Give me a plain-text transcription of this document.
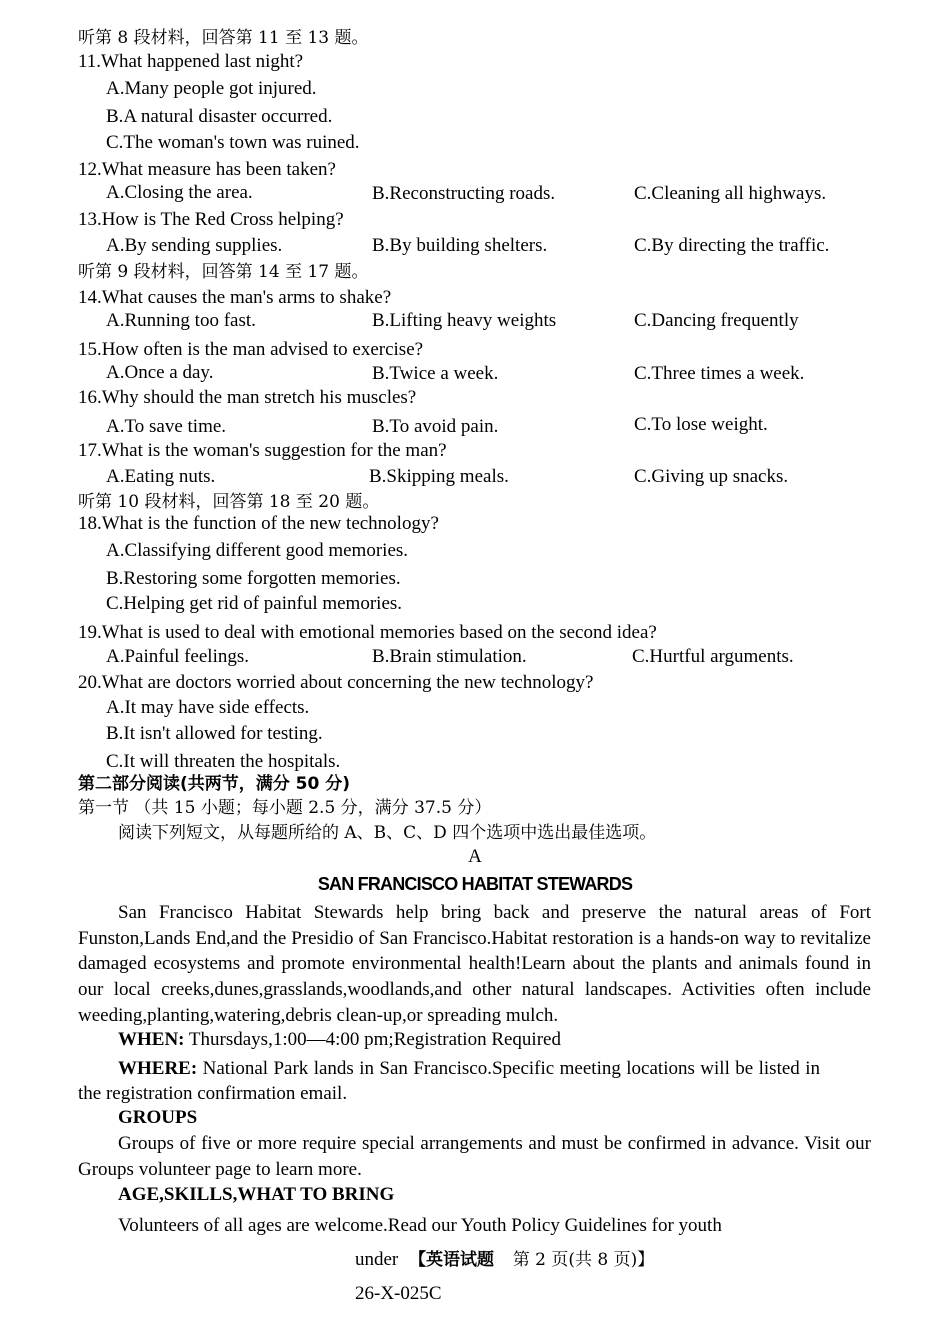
听第 8 段材料，回答第 11 至 13 题。
11.What happened last night?
A.Many people got injured.
B.A natural disaster occurred.
C.The woman's town was ruined.
12.What measure has been taken?
A.Closing the area.	B.Reconstructing roads.	C.Cleaning all highways.
13.How is The Red Cross helping?
A.By sending supplies.	B.By building shelters.	C.By directing the traffic.
听第 9 段材料，回答第 14 至 17 题。
14.What causes the man's arms to shake?
A.Running too fast.	B.Lifting heavy weights	C.Dancing frequently
15.How often is the man advised to exercise?
A.Once a day.	B.Twice a week.	C.Three times a week.
16.Why should the man stretch his muscles?
A.To save time.	B.To avoid pain.	C.To lose weight.
17.What is the woman's suggestion for the man?
A.Eating nuts.	B.Skipping meals.	C.Giving up snacks.
听第 10 段材料，回答第 18 至 20 题。
18.What is the function of the new technology?
A.Classifying different good memories.
B.Restoring some forgotten memories.
C.Helping get rid of painful memories.
19.What is used to deal with emotional memories based on the second idea?
A.Painful feelings.	B.Brain stimulation.	C.Hurtful arguments.
20.What are doctors worried about concerning the new technology?
A.It may have side effects.
B.It isn't allowed for testing.
C.It will threaten the hospitals.
第二部分阅读(共两节，满分 50 分)
第一节 （共 15 小题；每小题 2.5 分，满分 37.5 分）
阅读下列短文，从每题所给的 A、B、C、D 四个选项中选出最佳选项。
A
SAN FRANCISCO HABITAT STEWARDS
San Francisco Habitat Stewards help bring back and preserve the natural areas of Fort Funston,Lands End,and the Presidio of San Francisco.Habitat restoration is a hands-on way to revitalize damaged ecosystems and promote environmental health!Learn about the plants and animals found in our local creeks,dunes,grasslands,woodlands,and other natural landscapes. Activities often include weeding,planting,watering,debris clean-up,or spreading mulch.
WHEN: Thursdays,1:00—4:00 pm;Registration Required
WHERE: National Park lands in San Francisco.Specific meeting locations will be listed in the registration confirmation email.
GROUPS
Groups of five or more require special arrangements and must be confirmed in advance. Visit our Groups volunteer page to learn more.
AGE,SKILLS,WHAT TO BRING
Volunteers of all ages are welcome.Read our Youth Policy Guidelines for youth
under 【英语试题 第 2 页(共 8 页)】
26-X-025C
